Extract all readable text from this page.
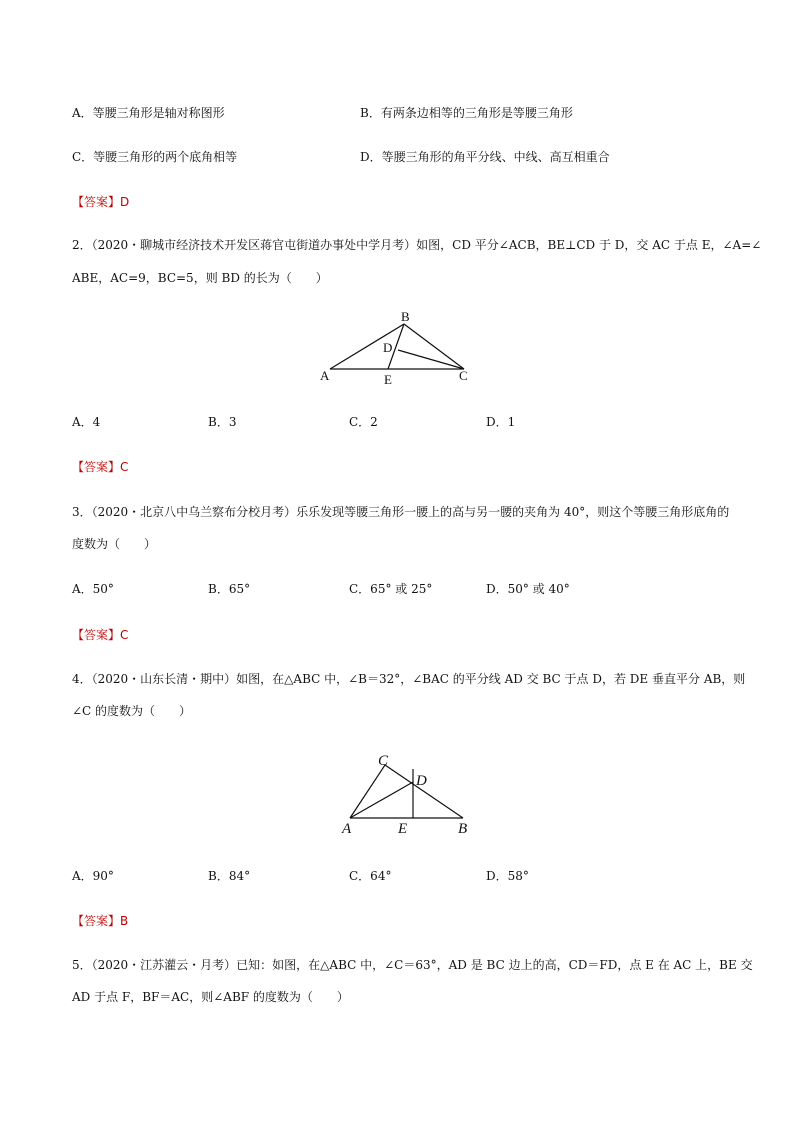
A．等腰三角形是轴对称图形	B．有两条边相等的三角形是等腰三角形
C．等腰三角形的两个底角相等	D．等腰三角形的角平分线、中线、高互相重合
【答案】D
2．（2020・聊城市经济技术开发区蒋官屯街道办事处中学月考）如图，CD 平分∠ACB，BE⊥CD 于 D，交 AC 于点 E，∠A=∠
ABE，AC=9，BC=5，则 BD 的长为（　　）
B
D
A	E	C
A．4	B．3	C．2	D．1
【答案】C
3．（2020・北京八中乌兰察布分校月考）乐乐发现等腰三角形一腰上的高与另一腰的夹角为 40°，则这个等腰三角形底角的
度数为（　　）
A．50°	B．65°	C．65° 或 25°	D．50° 或 40°
【答案】C
4．（2020・山东长清・期中）如图，在△ABC 中，∠B＝32°，∠BAC 的平分线 AD 交 BC 于点 D，若 DE 垂直平分 AB，则
∠C 的度数为（　　）
C
D
A	E	B
A．90°	B．84°	C．64°	D．58°
【答案】B
5．（2020・江苏灌云・月考）已知：如图，在△ABC 中，∠C＝63°，AD 是 BC 边上的高，CD＝FD，点 E 在 AC 上，BE 交
AD 于点 F，BF＝AC，则∠ABF 的度数为（　　）
